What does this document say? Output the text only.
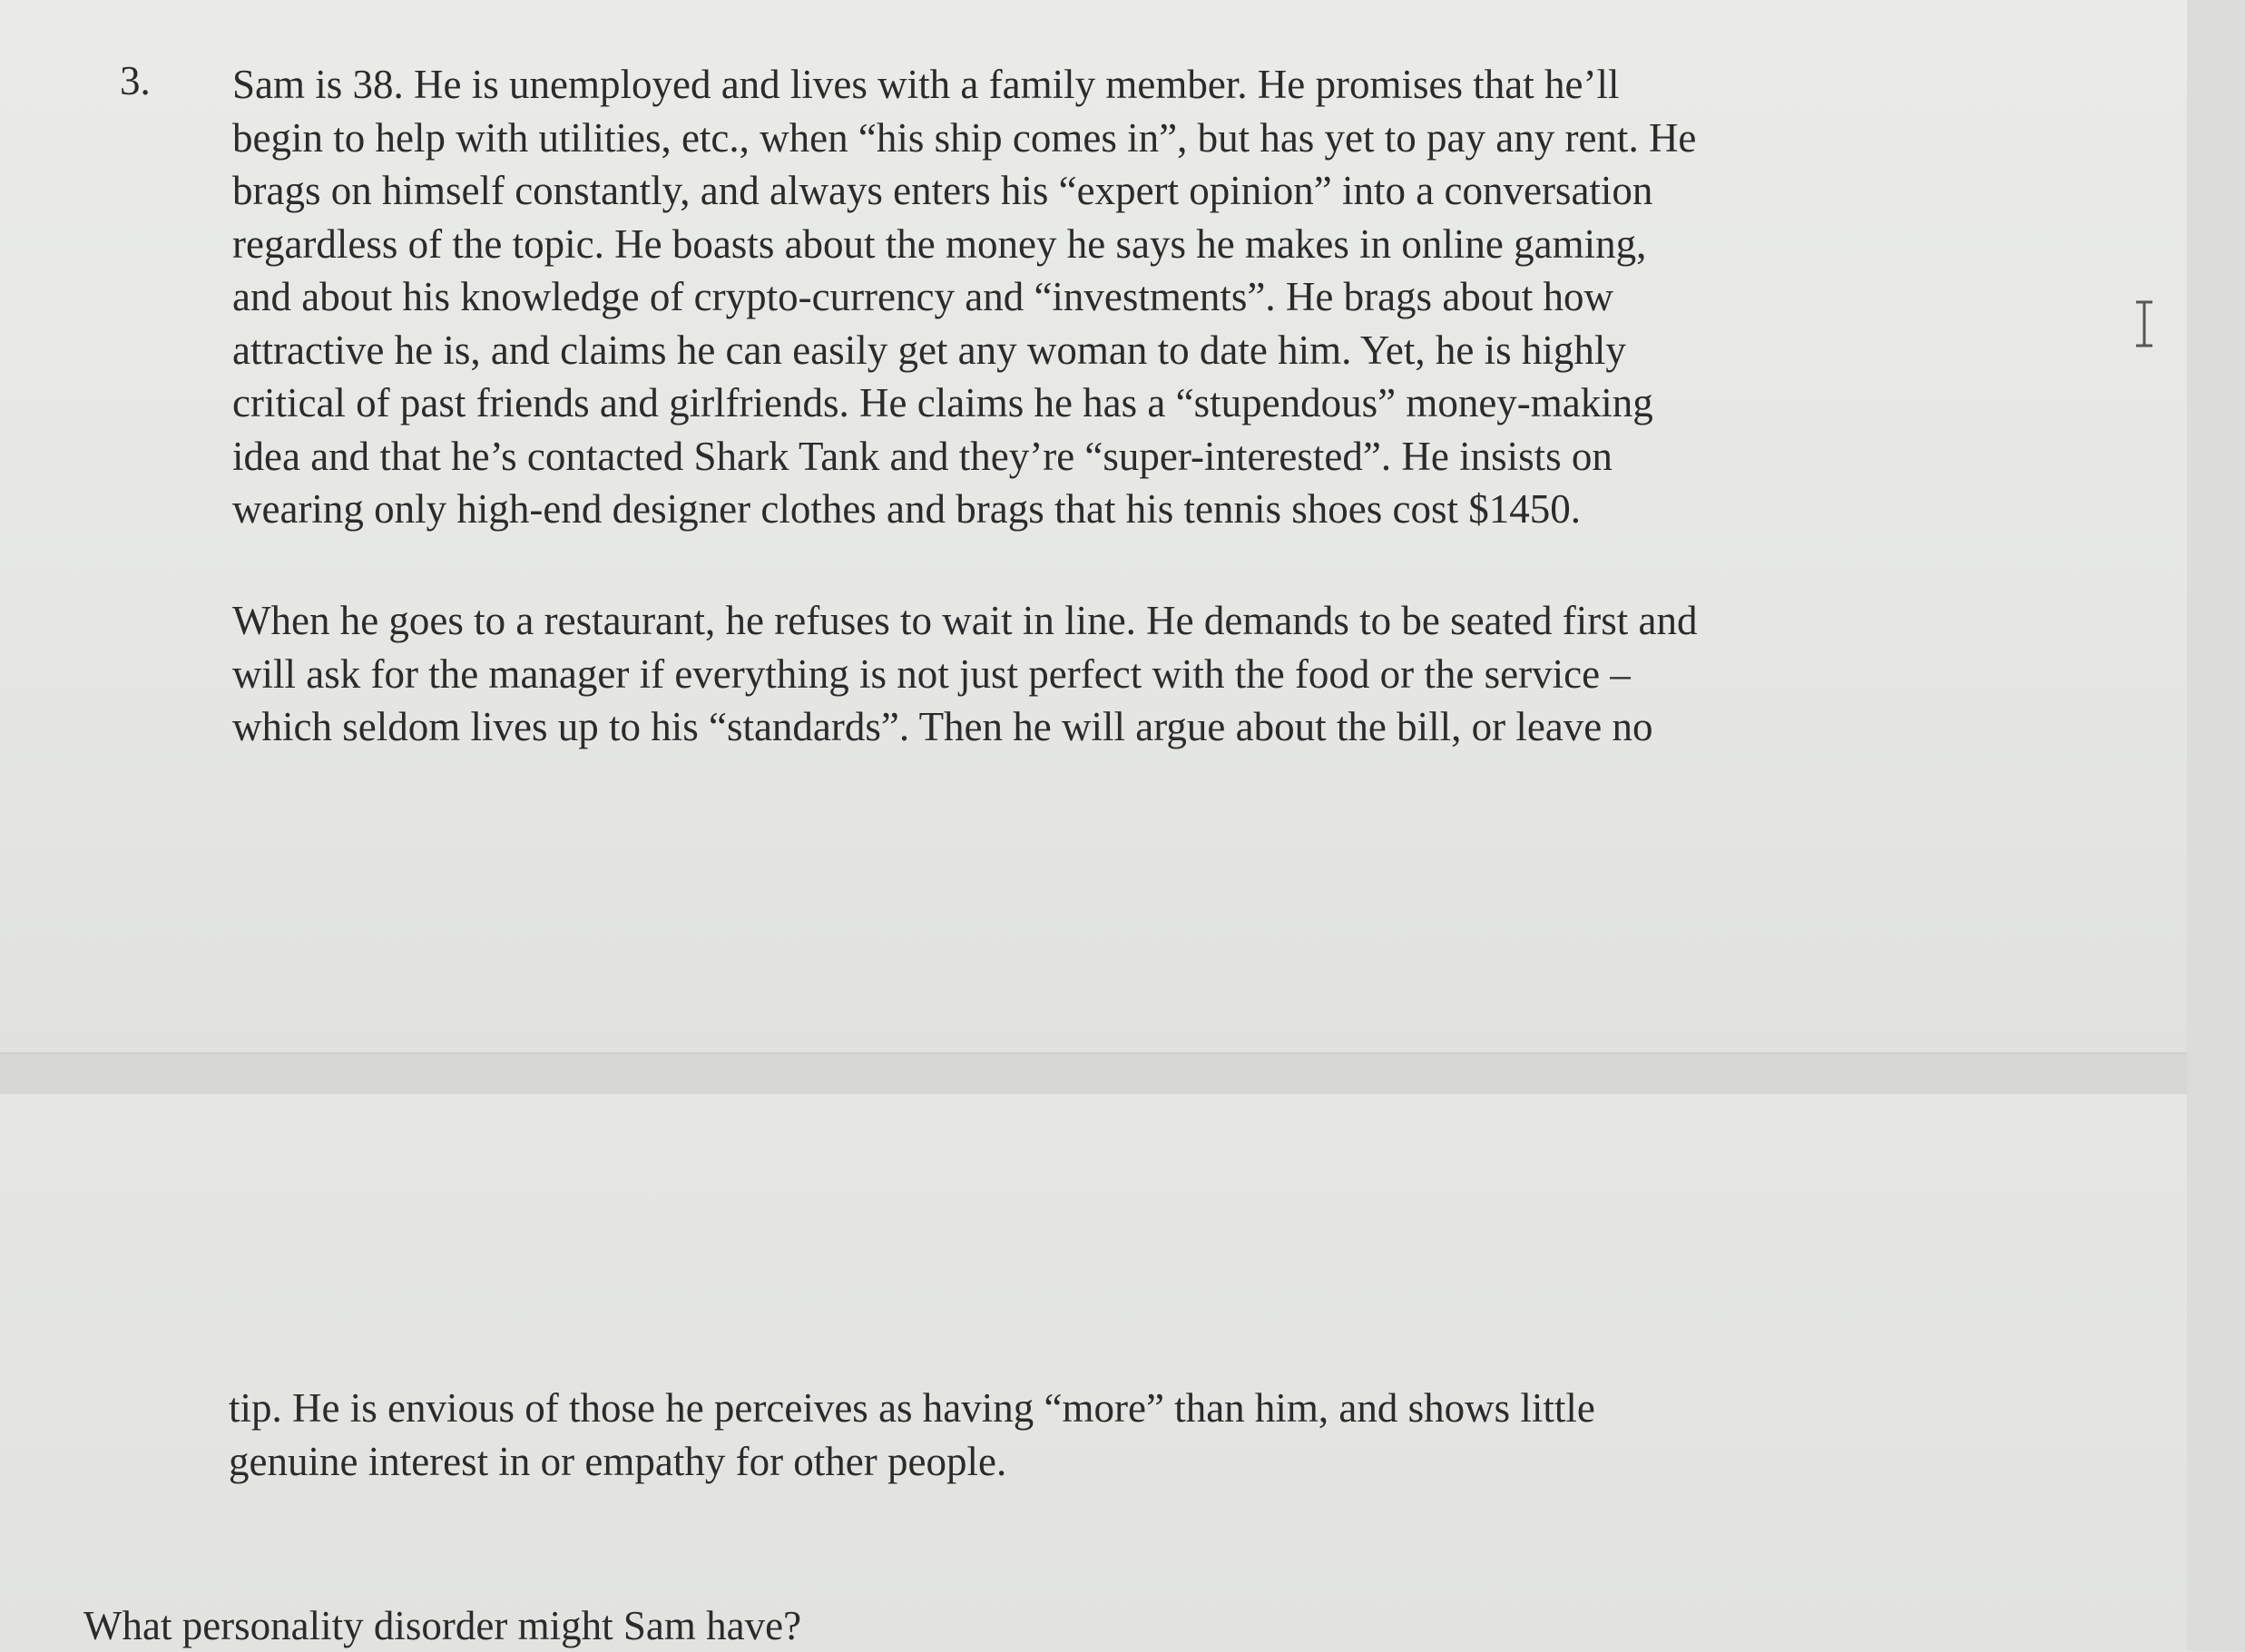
3. Sam is 38. He is unemployed and lives with a family member. He promises that he’ll
begin to help with utilities, etc., when “his ship comes in”, but has yet to pay any rent. He
brags on himself constantly, and always enters his “expert opinion” into a conversation
regardless of the topic. He boasts about the money he says he makes in online gaming,
and about his knowledge of crypto-currency and “investments”. He brags about how
attractive he is, and claims he can easily get any woman to date him. Yet, he is highly
critical of past friends and girlfriends. He claims he has a “stupendous” money-making
idea and that he’s contacted Shark Tank and they’re “super-interested”. He insists on
wearing only high-end designer clothes and brags that his tennis shoes cost $1450.

When he goes to a restaurant, he refuses to wait in line. He demands to be seated first and
will ask for the manager if everything is not just perfect with the food or the service –
which seldom lives up to his “standards”. Then he will argue about the bill, or leave no

tip. He is envious of those he perceives as having “more” than him, and shows little
genuine interest in or empathy for other people.

What personality disorder might Sam have?
